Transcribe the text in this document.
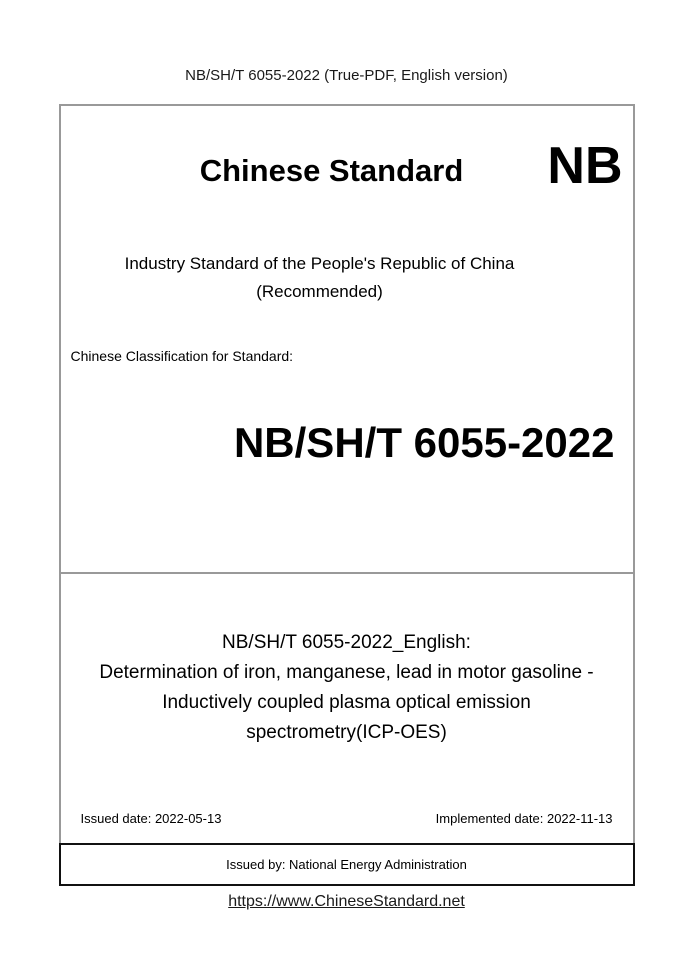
NB/SH/T 6055-2022 (True-PDF, English version)
Chinese Standard	NB
Industry Standard of the People's Republic of China
(Recommended)
Chinese Classification for Standard:
NB/SH/T 6055-2022
NB/SH/T 6055-2022_English:
Determination of iron, manganese, lead in motor gasoline -
Inductively coupled plasma optical emission
spectrometry(ICP-OES)
Issued date: 2022-05-13	Implemented date: 2022-11-13
Issued by: National Energy Administration
https://www.ChineseStandard.net
